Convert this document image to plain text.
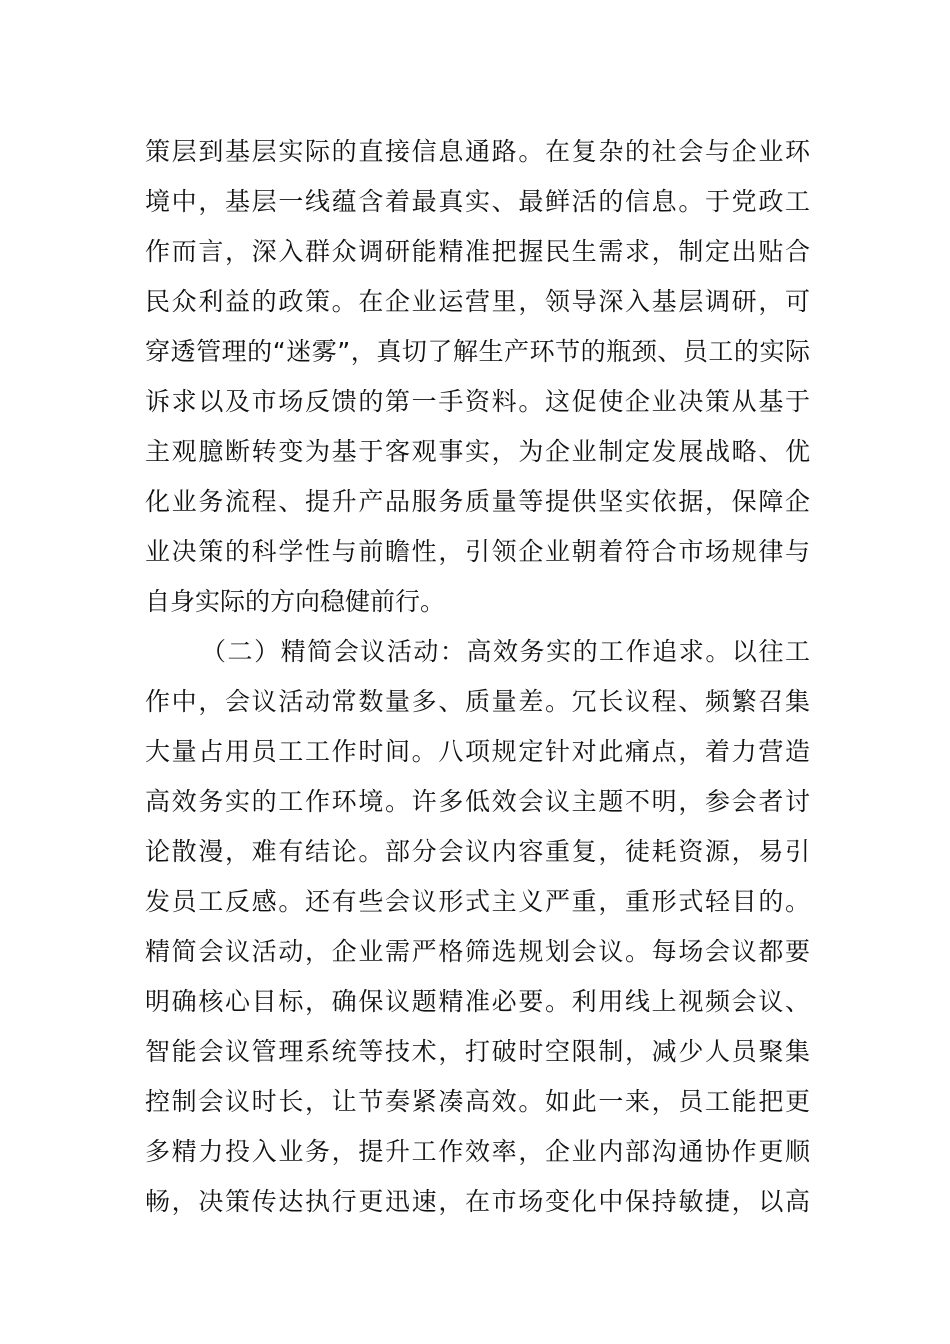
策层到基层实际的直接信息通路。在复杂的社会与企业环
境中，基层一线蕴含着最真实、最鲜活的信息。于党政工
作而言，深入群众调研能精准把握民生需求，制定出贴合
民众利益的政策。在企业运营里，领导深入基层调研，可
穿透管理的“迷雾”，真切了解生产环节的瓶颈、员工的实际
诉求以及市场反馈的第一手资料。这促使企业决策从基于
主观臆断转变为基于客观事实，为企业制定发展战略、优
化业务流程、提升产品服务质量等提供坚实依据，保障企
业决策的科学性与前瞻性，引领企业朝着符合市场规律与
自身实际的方向稳健前行。
（二）精简会议活动：高效务实的工作追求。以往工
作中，会议活动常数量多、质量差。冗长议程、频繁召集
大量占用员工工作时间。八项规定针对此痛点，着力营造
高效务实的工作环境。许多低效会议主题不明，参会者讨
论散漫，难有结论。部分会议内容重复，徒耗资源，易引
发员工反感。还有些会议形式主义严重，重形式轻目的。
精简会议活动，企业需严格筛选规划会议。每场会议都要
明确核心目标，确保议题精准必要。利用线上视频会议、
智能会议管理系统等技术，打破时空限制，减少人员聚集
控制会议时长，让节奏紧凑高效。如此一来，员工能把更
多精力投入业务，提升工作效率，企业内部沟通协作更顺
畅，决策传达执行更迅速，在市场变化中保持敏捷，以高
